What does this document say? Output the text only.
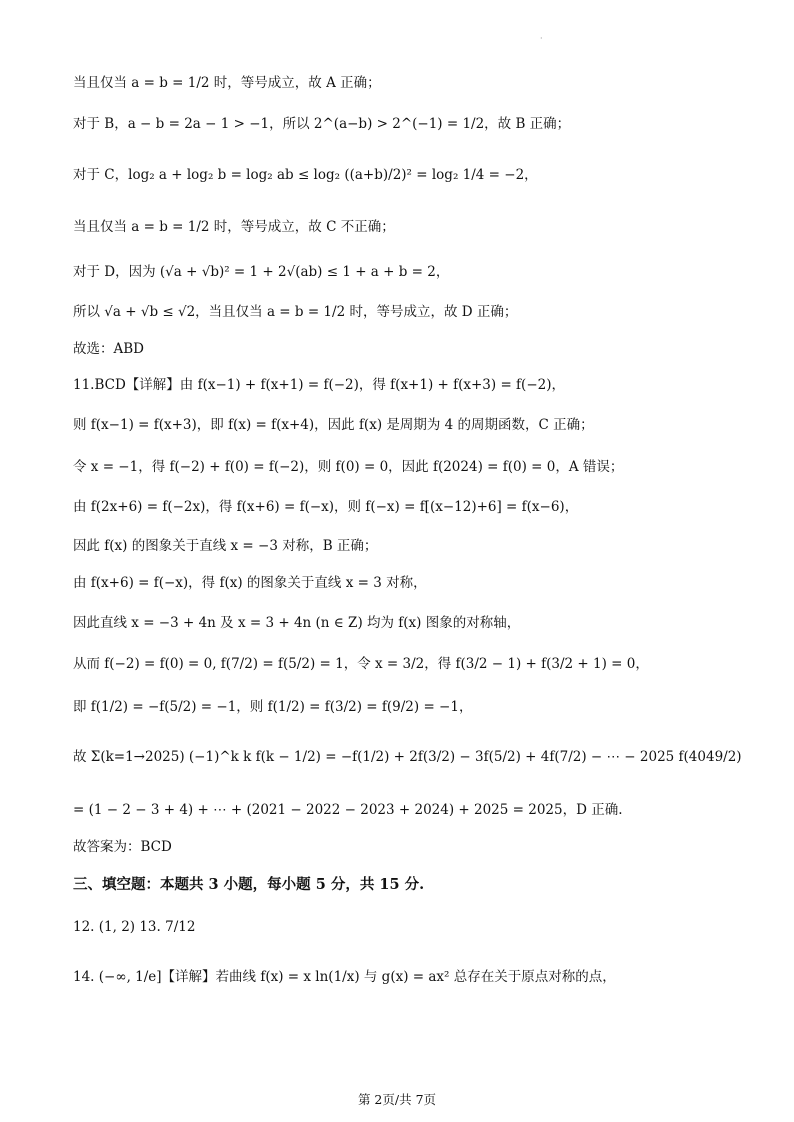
·
当且仅当 a = b = 1/2 时，等号成立，故 A 正确；
对于 B，a − b = 2a − 1 > −1，所以 2^(a−b) > 2^(−1) = 1/2，故 B 正确；
对于 C，log₂ a + log₂ b = log₂ ab ≤ log₂ ((a+b)/2)² = log₂ 1/4 = −2，
当且仅当 a = b = 1/2 时，等号成立，故 C 不正确；
对于 D，因为 (√a + √b)² = 1 + 2√(ab) ≤ 1 + a + b = 2，
所以 √a + √b ≤ √2，当且仅当 a = b = 1/2 时，等号成立，故 D 正确；
故选：ABD
11.BCD【详解】由 f(x−1) + f(x+1) = f(−2)，得 f(x+1) + f(x+3) = f(−2)，
则 f(x−1) = f(x+3)，即 f(x) = f(x+4)，因此 f(x) 是周期为 4 的周期函数，C 正确；
令 x = −1，得 f(−2) + f(0) = f(−2)，则 f(0) = 0，因此 f(2024) = f(0) = 0，A 错误；
由 f(2x+6) = f(−2x)，得 f(x+6) = f(−x)，则 f(−x) = f[(x−12)+6] = f(x−6)，
因此 f(x) 的图象关于直线 x = −3 对称，B 正确；
由 f(x+6) = f(−x)，得 f(x) 的图象关于直线 x = 3 对称，
因此直线 x = −3 + 4n 及 x = 3 + 4n (n ∈ Z) 均为 f(x) 图象的对称轴，
从而 f(−2) = f(0) = 0, f(7/2) = f(5/2) = 1，令 x = 3/2，得 f(3/2 − 1) + f(3/2 + 1) = 0，
即 f(1/2) = −f(5/2) = −1，则 f(1/2) = f(3/2) = f(9/2) = −1，
故 Σ(k=1→2025) (−1)^k k f(k − 1/2) = −f(1/2) + 2f(3/2) − 3f(5/2) + 4f(7/2) − ⋯ − 2025 f(4049/2)
= (1 − 2 − 3 + 4) + ⋯ + (2021 − 2022 − 2023 + 2024) + 2025 = 2025，D 正确.
故答案为：BCD
三、填空题：本题共 3 小题，每小题 5 分，共 15 分.
12. (1, 2) 13. 7/12
14. (−∞, 1/e]【详解】若曲线 f(x) = x ln(1/x) 与 g(x) = ax² 总存在关于原点对称的点，
第 2页/共 7页
